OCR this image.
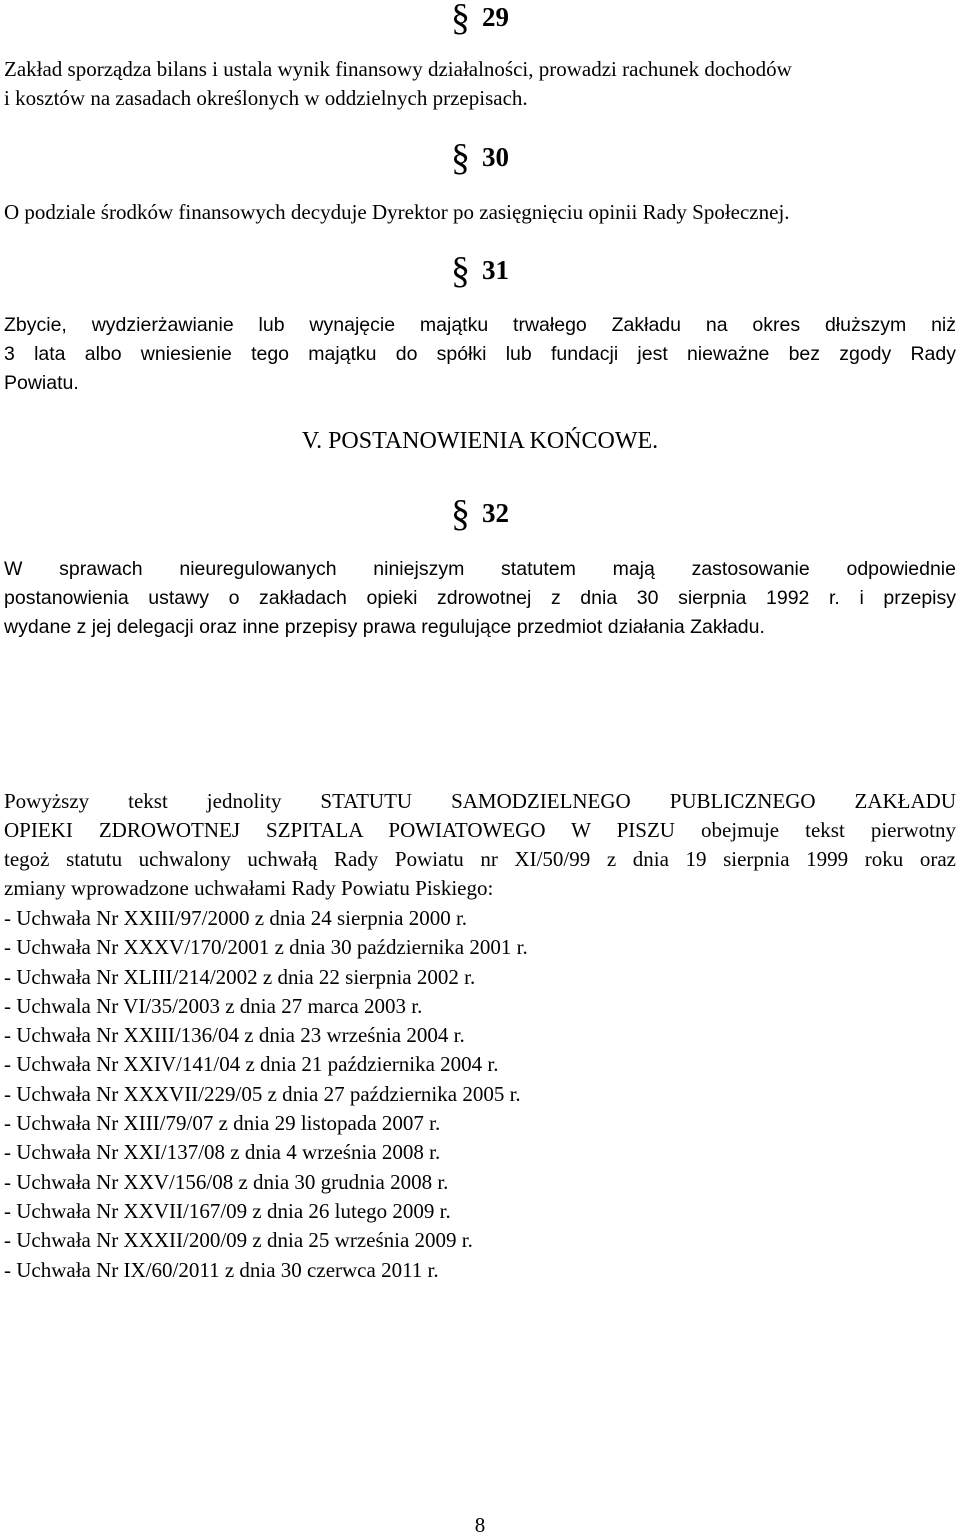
§ 29
Zakład sporządza bilans i ustala wynik finansowy działalności, prowadzi rachunek dochodów
i kosztów na zasadach określonych w oddzielnych przepisach.
§ 30
O podziale środków finansowych decyduje Dyrektor po zasięgnięciu opinii Rady Społecznej.
§ 31
Zbycie, wydzierżawianie lub wynajęcie majątku trwałego Zakładu na okres dłuższym niż
3 lata albo wniesienie tego majątku do spółki lub fundacji jest nieważne bez zgody Rady
Powiatu.
V. POSTANOWIENIA KOŃCOWE.
§ 32
W sprawach nieuregulowanych niniejszym statutem mają zastosowanie odpowiednie
postanowienia ustawy o zakładach opieki zdrowotnej z dnia 30 sierpnia 1992 r. i przepisy
wydane z jej delegacji oraz inne przepisy prawa regulujące przedmiot działania Zakładu.
Powyższy tekst jednolity STATUTU SAMODZIELNEGO PUBLICZNEGO ZAKŁADU
OPIEKI ZDROWOTNEJ SZPITALA POWIATOWEGO W PISZU obejmuje tekst pierwotny
tegoż statutu uchwalony uchwałą Rady Powiatu nr XI/50/99 z dnia 19 sierpnia 1999 roku oraz
zmiany wprowadzone uchwałami Rady Powiatu Piskiego:
- Uchwała Nr XXIII/97/2000 z dnia 24 sierpnia 2000 r.
- Uchwała Nr XXXV/170/2001 z dnia 30 października 2001 r.
- Uchwała Nr XLIII/214/2002 z dnia 22 sierpnia 2002 r.
- Uchwala Nr VI/35/2003 z dnia 27 marca 2003 r.
- Uchwała Nr XXIII/136/04 z dnia 23 września 2004 r.
- Uchwała Nr XXIV/141/04 z dnia 21 października 2004 r.
- Uchwała Nr XXXVII/229/05 z dnia 27 października 2005 r.
- Uchwała Nr XIII/79/07 z dnia 29 listopada 2007 r.
- Uchwała Nr XXI/137/08 z dnia 4 września 2008 r.
- Uchwała Nr XXV/156/08 z dnia 30 grudnia 2008 r.
- Uchwała Nr XXVII/167/09 z dnia 26 lutego 2009 r.
- Uchwała Nr XXXII/200/09 z dnia 25 września 2009 r.
- Uchwała Nr IX/60/2011 z dnia 30 czerwca 2011 r.
8
